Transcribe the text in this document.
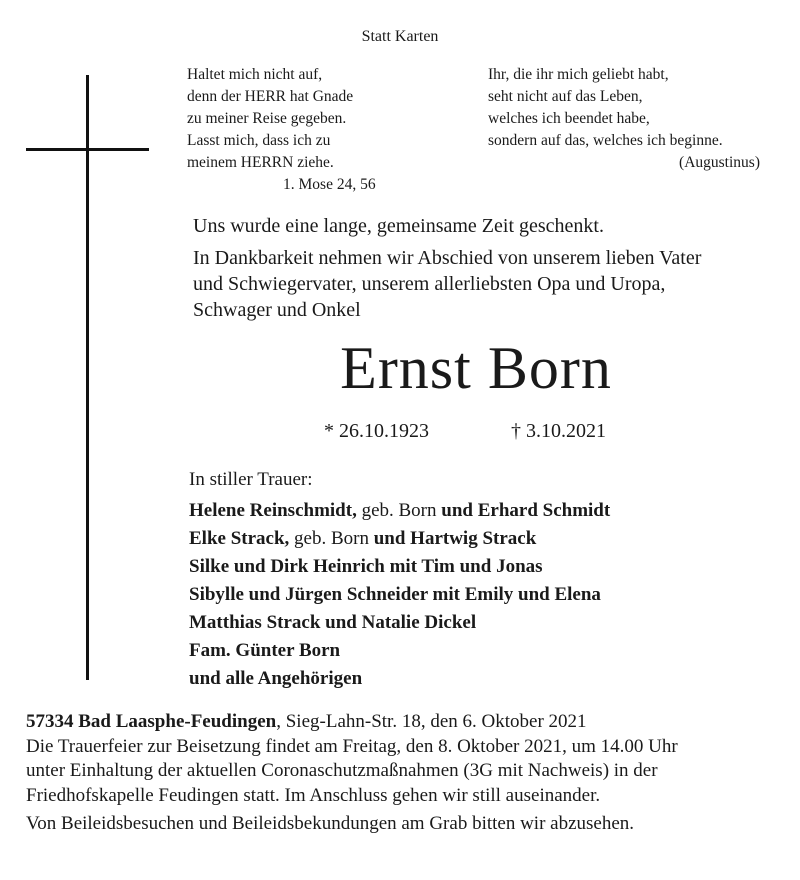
Statt Karten
Haltet mich nicht auf,
denn der HERR hat Gnade
zu meiner Reise gegeben.
Lasst mich, dass ich zu
meinem HERRN ziehe.
1. Mose 24, 56
Ihr, die ihr mich geliebt habt,
seht nicht auf das Leben,
welches ich beendet habe,
sondern auf das, welches ich beginne.
(Augustinus)

Uns wurde eine lange, gemeinsame Zeit geschenkt.

In Dankbarkeit nehmen wir Abschied von unserem lieben Vater

und Schwiegervater, unserem allerliebsten Opa und Uropa,

Schwager und Onkel

Ernst Born
* 26.10.1923	† 3.10.2021
In stiller Trauer:
Helene Reinschmidt, geb. Born und Erhard Schmidt
Elke Strack, geb. Born und Hartwig Strack
Silke und Dirk Heinrich mit Tim und Jonas
Sibylle und Jürgen Schneider mit Emily und Elena
Matthias Strack und Natalie Dickel
Fam. Günter Born
und alle Angehörigen
57334 Bad Laasphe-Feudingen, Sieg-Lahn-Str. 18, den 6. Oktober 2021
Die Trauerfeier zur Beisetzung findet am Freitag, den 8. Oktober 2021, um 14.00 Uhr
unter Einhaltung der aktuellen Coronaschutzmaßnahmen (3G mit Nachweis) in der
Friedhofskapelle Feudingen statt. Im Anschluss gehen wir still auseinander.
Von Beileidsbesuchen und Beileidsbekundungen am Grab bitten wir abzusehen.
